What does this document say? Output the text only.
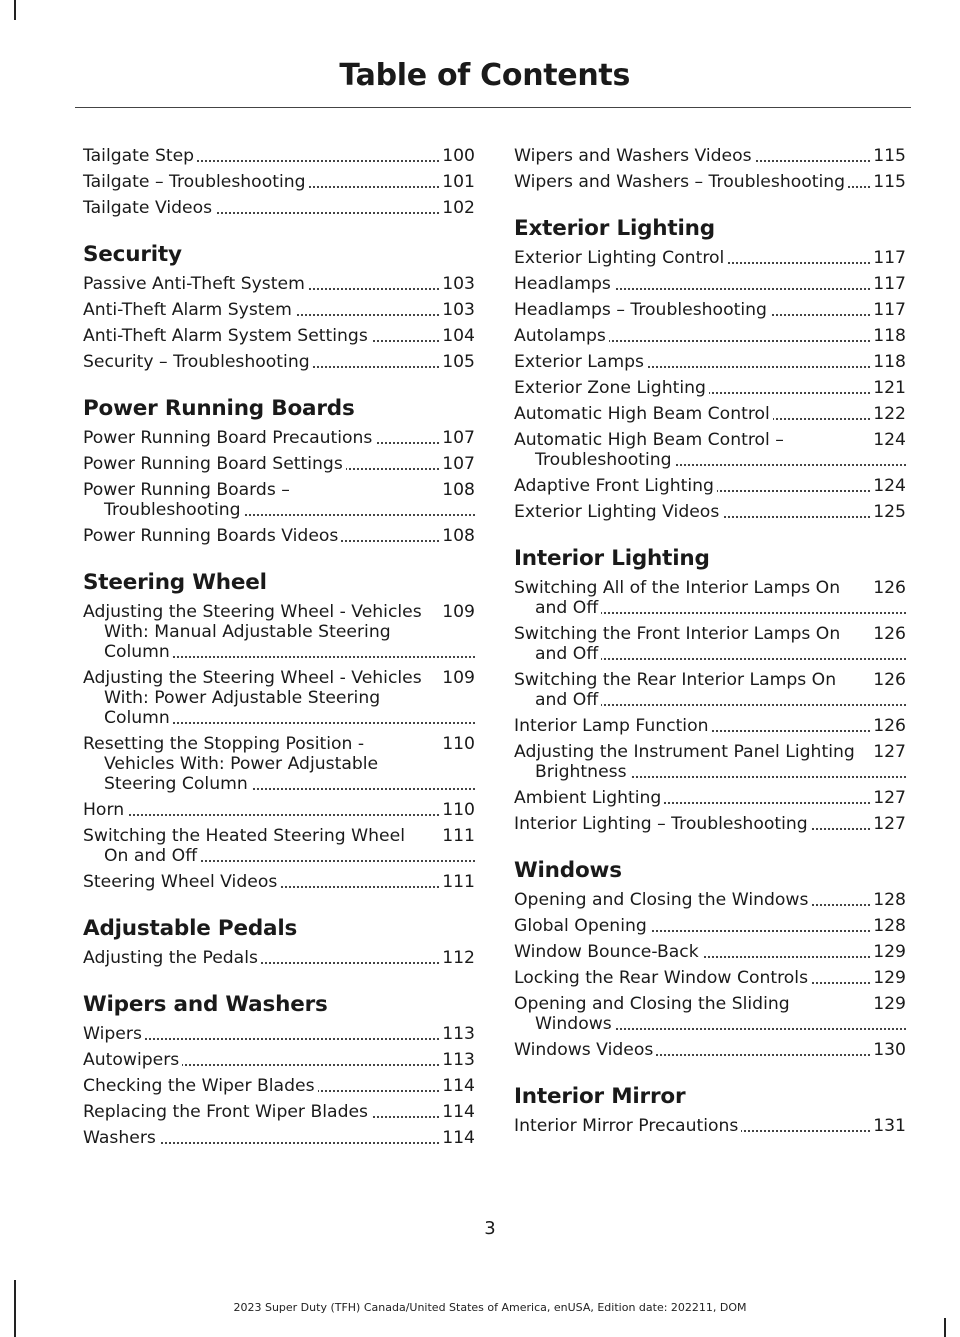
Table of Contents
100
Tailgate Step
101
Tailgate – Troubleshooting
102
Tailgate Videos
Security
103
Passive Anti-Theft System
103
Anti-Theft Alarm System
104
Anti-Theft Alarm System Settings
105
Security – Troubleshooting
Power Running Boards
107
Power Running Board Precautions
107
Power Running Board Settings
108
Power Running Boards –
Troubleshooting
108
Power Running Boards Videos
Steering Wheel
109
Adjusting the Steering Wheel - Vehicles
With: Manual Adjustable Steering
Column
109
Adjusting the Steering Wheel - Vehicles
With: Power Adjustable Steering
Column
110
Resetting the Stopping Position -
Vehicles With: Power Adjustable
Steering Column
110
Horn
111
Switching the Heated Steering Wheel
On and Off
111
Steering Wheel Videos
Adjustable Pedals
112
Adjusting the Pedals
Wipers and Washers
113
Wipers
113
Autowipers
114
Checking the Wiper Blades
114
Replacing the Front Wiper Blades
114
Washers
115
Wipers and Washers Videos
115
Wipers and Washers – Troubleshooting

Exterior Lighting
117
Exterior Lighting Control
117
Headlamps
117
Headlamps – Troubleshooting
118
Autolamps
118
Exterior Lamps
121
Exterior Zone Lighting
122
Automatic High Beam Control
124
Automatic High Beam Control –
Troubleshooting
124
Adaptive Front Lighting
125
Exterior Lighting Videos
Interior Lighting
126
Switching All of the Interior Lamps On
and Off
126
Switching the Front Interior Lamps On
and Off
126
Switching the Rear Interior Lamps On
and Off
126
Interior Lamp Function
127
Adjusting the Instrument Panel Lighting
Brightness
127
Ambient Lighting
127
Interior Lighting – Troubleshooting
Windows
128
Opening and Closing the Windows
128
Global Opening
129
Window Bounce-Back
129
Locking the Rear Window Controls
129
Opening and Closing the Sliding
Windows
130
Windows Videos
Interior Mirror
131
Interior Mirror Precautions
3
2023 Super Duty (TFH) Canada/United States of America, enUSA, Edition date: 202211, DOM
